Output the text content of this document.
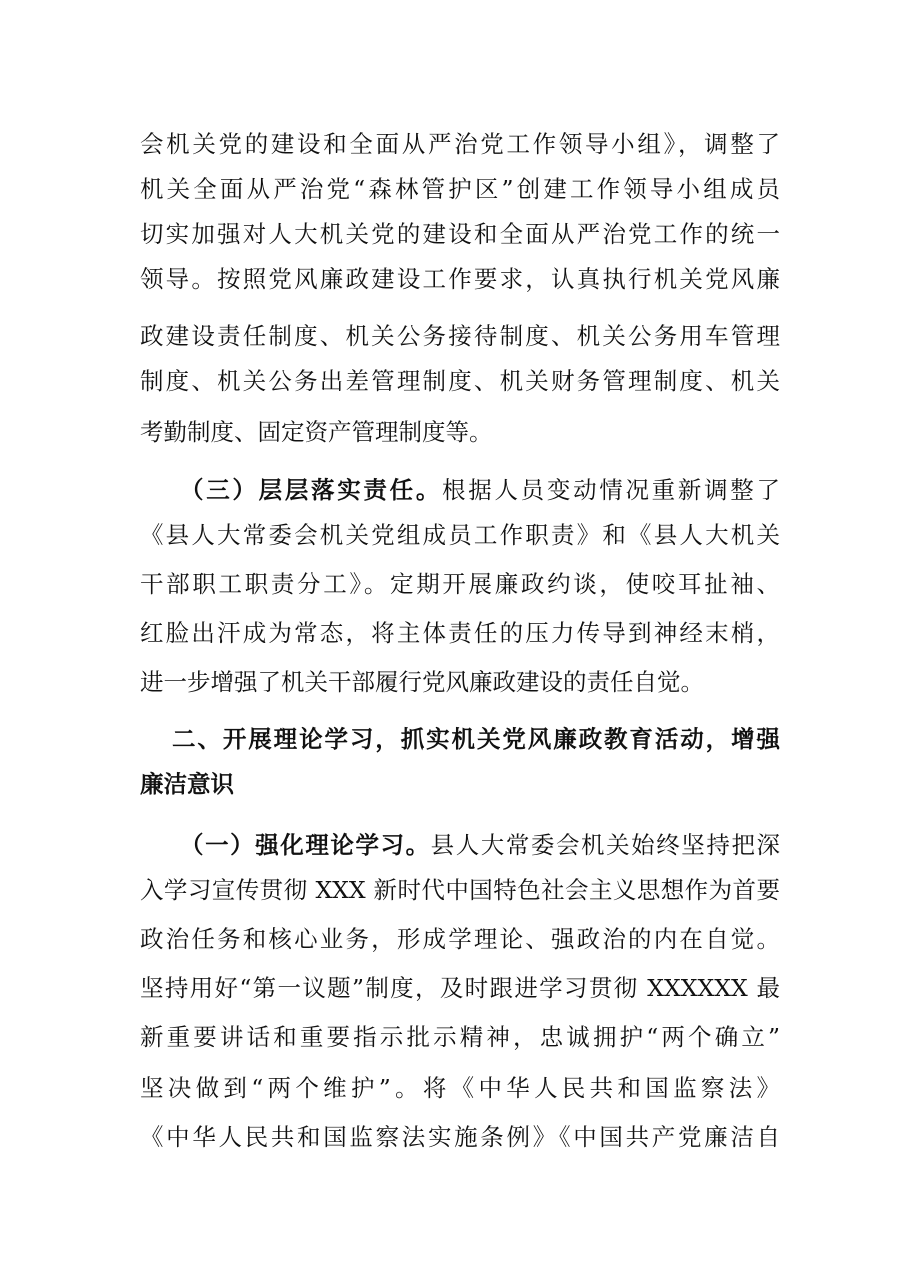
会机关党的建设和全面从严治党工作领导小组》，调整了
机关全面从严治党“森林管护区”创建工作领导小组成员
切实加强对人大机关党的建设和全面从严治党工作的统一
领导。按照党风廉政建设工作要求，认真执行机关党风廉
政建设责任制度、机关公务接待制度、机关公务用车管理
制度、机关公务出差管理制度、机关财务管理制度、机关
考勤制度、固定资产管理制度等。
（三）层层落实责任。根据人员变动情况重新调整了
《县人大常委会机关党组成员工作职责》和《县人大机关
干部职工职责分工》。定期开展廉政约谈，使咬耳扯袖、
红脸出汗成为常态，将主体责任的压力传导到神经末梢，
进一步增强了机关干部履行党风廉政建设的责任自觉。
二、开展理论学习，抓实机关党风廉政教育活动，增强
廉洁意识
（一）强化理论学习。县人大常委会机关始终坚持把深
入学习宣传贯彻 XXX 新时代中国特色社会主义思想作为首要
政治任务和核心业务，形成学理论、强政治的内在自觉。
坚持用好“第一议题”制度，及时跟进学习贯彻 XXXXXX 最
新重要讲话和重要指示批示精神，忠诚拥护“两个确立”
坚决做到“两个维护”。将《中华人民共和国监察法》
《中华人民共和国监察法实施条例》《中国共产党廉洁自
